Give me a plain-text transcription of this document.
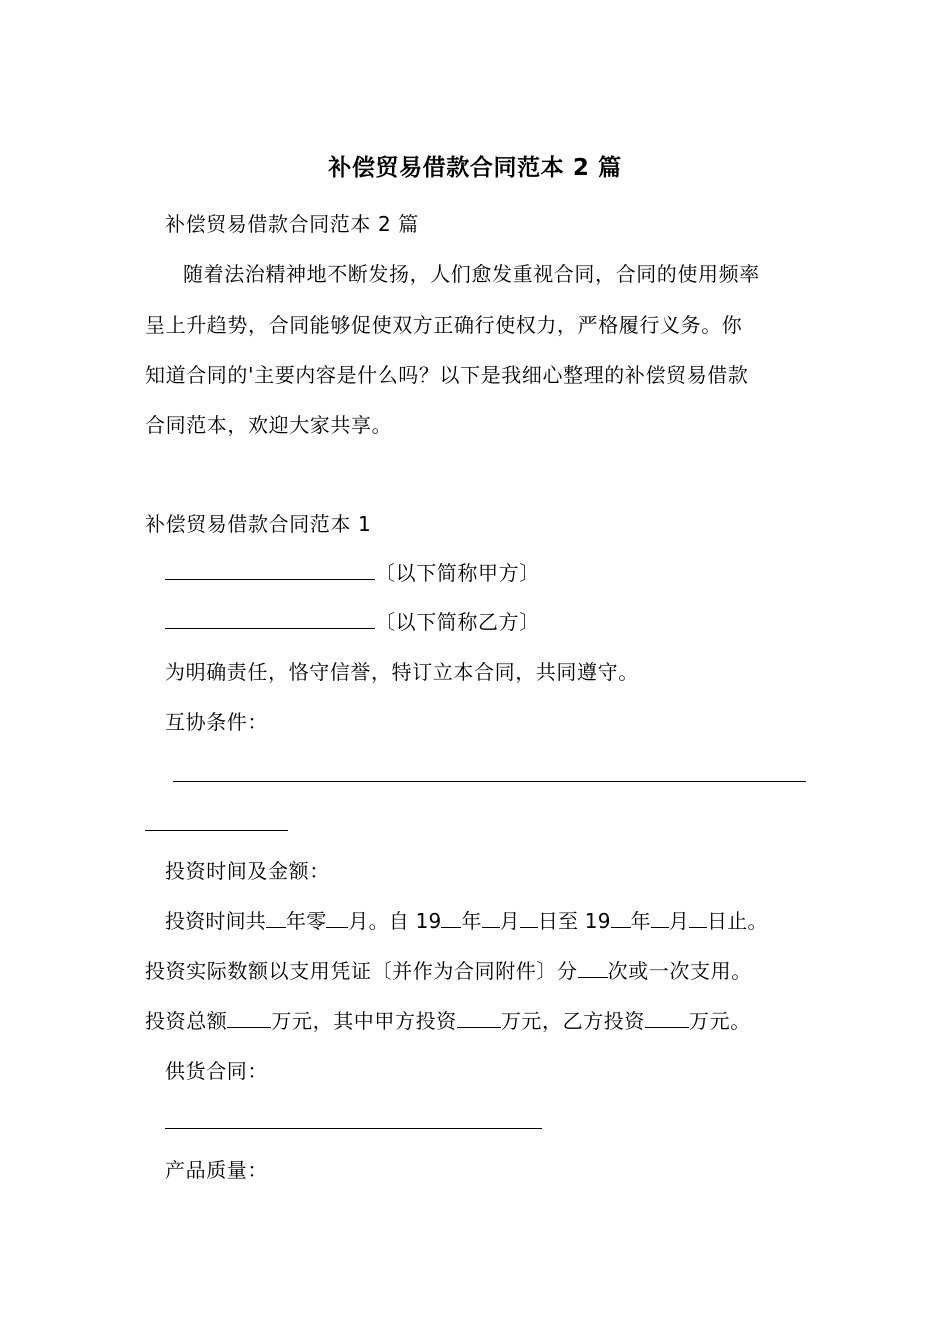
补偿贸易借款合同范本 2 篇
补偿贸易借款合同范本 2 篇
随着法治精神地不断发扬，人们愈发重视合同，合同的使用频率
呈上升趋势，合同能够促使双方正确行使权力，严格履行义务。你
知道合同的'主要内容是什么吗？以下是我细心整理的补偿贸易借款
合同范本，欢迎大家共享。
补偿贸易借款合同范本 1
〔以下简称甲方〕
〔以下简称乙方〕
为明确责任，恪守信誉，特订立本合同，共同遵守。
互协条件：
投资时间及金额：
投资时间共 年零 月。自 19 年 月 日至 19 年 月 日止。
投资实际数额以支用凭证〔并作为合同附件〕分 次或一次支用。
投资总额 万元，其中甲方投资 万元，乙方投资 万元。
供货合同：
产品质量：
